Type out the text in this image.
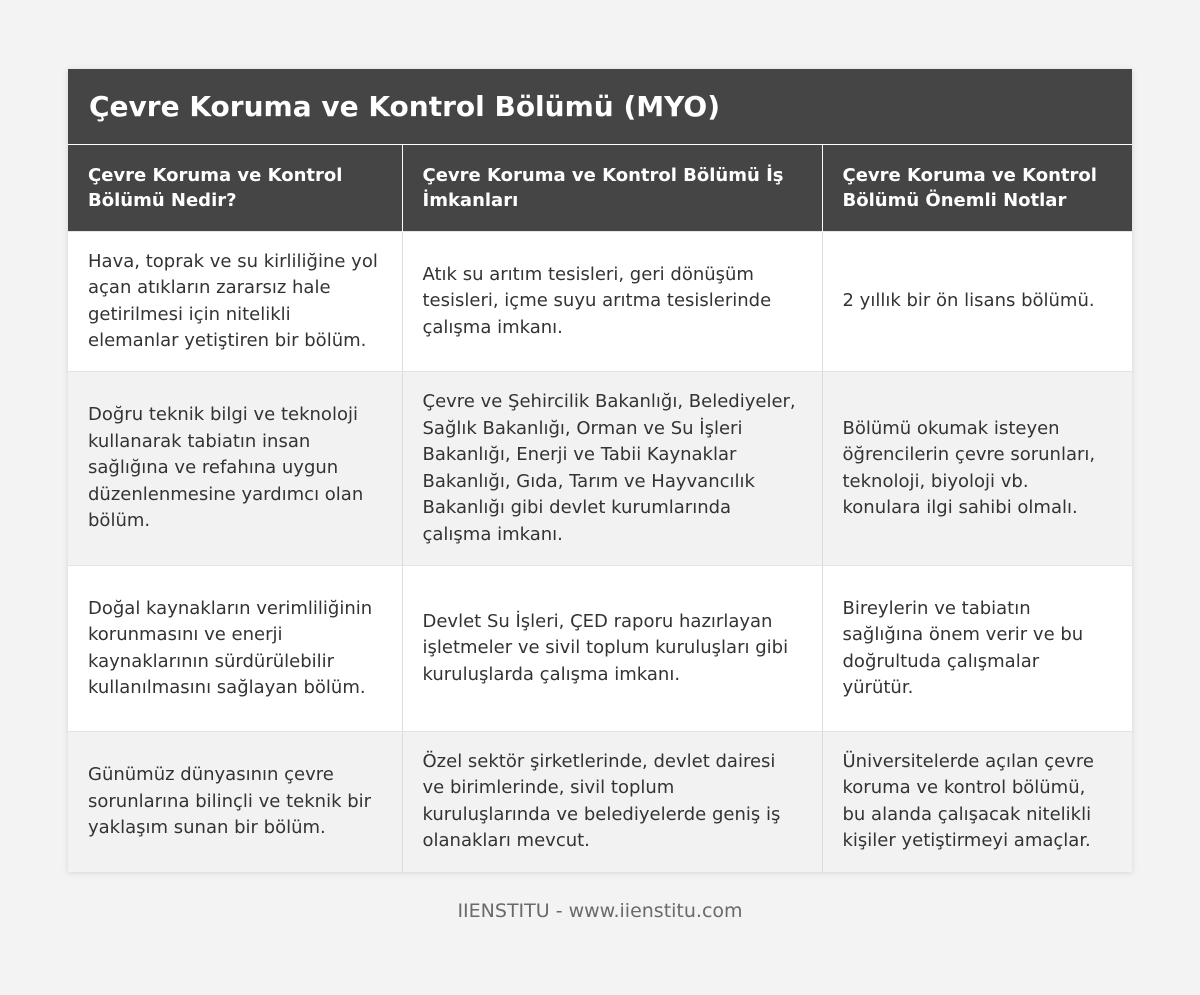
Çevre Koruma ve Kontrol Bölümü (MYO)
Çevre Koruma ve Kontrol Bölümü Nedir?	Çevre Koruma ve Kontrol Bölümü İş İmkanları	Çevre Koruma ve Kontrol Bölümü Önemli Notlar
Hava, toprak ve su kirliliğine yol açan atıkların zararsız hale getirilmesi için nitelikli elemanlar yetiştiren bir bölüm.	Atık su arıtım tesisleri, geri dönüşüm tesisleri, içme suyu arıtma tesislerinde çalışma imkanı.	2 yıllık bir ön lisans bölümü.
Doğru teknik bilgi ve teknoloji kullanarak tabiatın insan sağlığına ve refahına uygun düzenlenmesine yardımcı olan bölüm.	Çevre ve Şehircilik Bakanlığı, Belediyeler, Sağlık Bakanlığı, Orman ve Su İşleri Bakanlığı, Enerji ve Tabii Kaynaklar Bakanlığı, Gıda, Tarım ve Hayvancılık Bakanlığı gibi devlet kurumlarında çalışma imkanı.	Bölümü okumak isteyen öğrencilerin çevre sorunları, teknoloji, biyoloji vb. konulara ilgi sahibi olmalı.
Doğal kaynakların verimliliğinin korunmasını ve enerji kaynaklarının sürdürülebilir kullanılmasını sağlayan bölüm.	Devlet Su İşleri, ÇED raporu hazırlayan işletmeler ve sivil toplum kuruluşları gibi kuruluşlarda çalışma imkanı.	Bireylerin ve tabiatın sağlığına önem verir ve bu doğrultuda çalışmalar yürütür.
Günümüz dünyasının çevre sorunlarına bilinçli ve teknik bir yaklaşım sunan bir bölüm.	Özel sektör şirketlerinde, devlet dairesi ve birimlerinde, sivil toplum kuruluşlarında ve belediyelerde geniş iş olanakları mevcut.	Üniversitelerde açılan çevre koruma ve kontrol bölümü, bu alanda çalışacak nitelikli kişiler yetiştirmeyi amaçlar.
IIENSTITU - www.iienstitu.com
